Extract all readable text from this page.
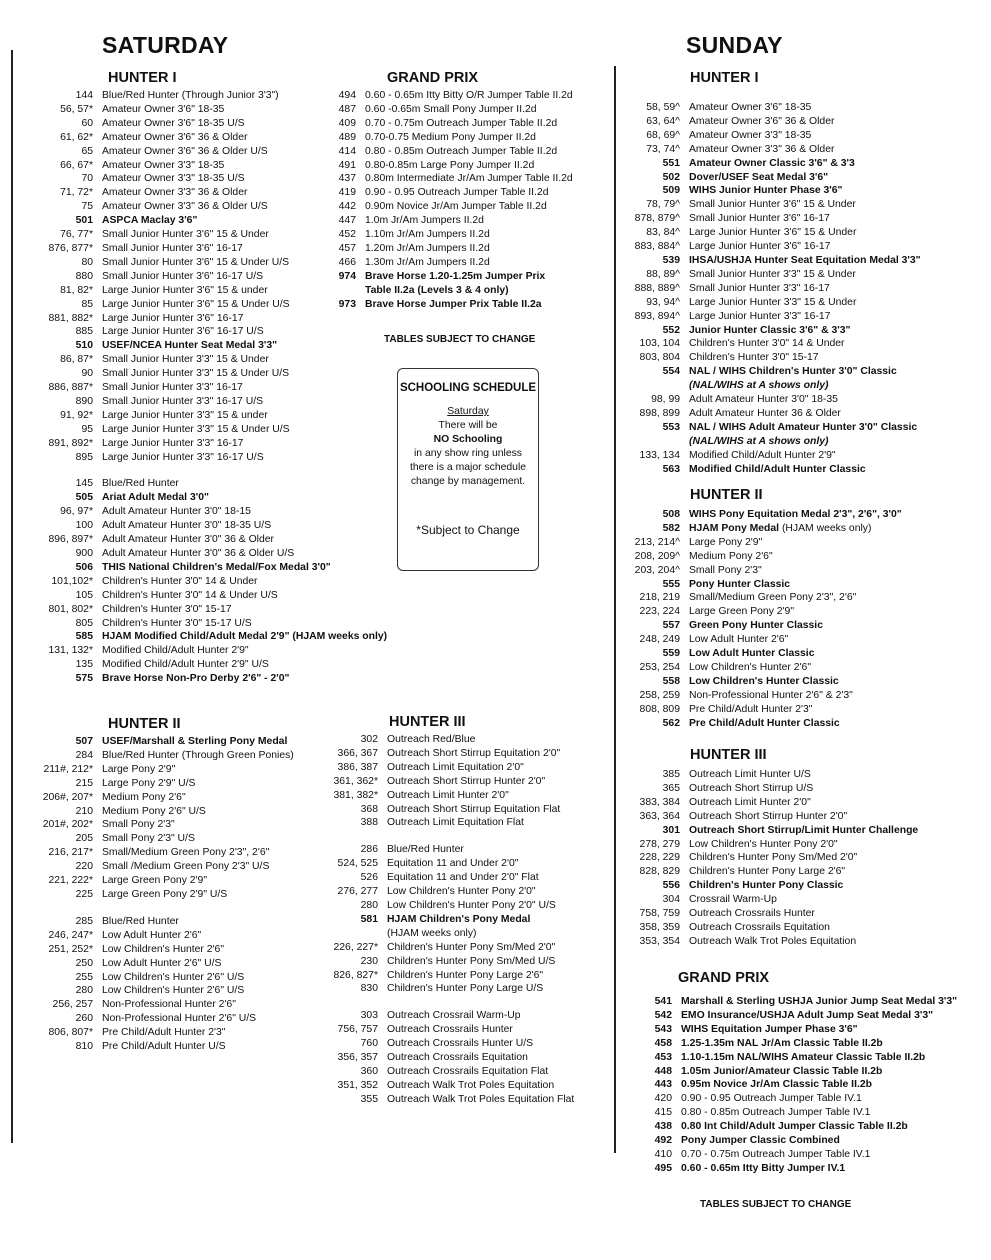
SATURDAY	SUNDAY
HUNTER I
144 Blue/Red Hunter (Through Junior 3'3")
56, 57* Amateur Owner 3'6" 18-35
60 Amateur Owner 3'6" 18-35 U/S
61, 62* Amateur Owner 3'6" 36 & Older
65 Amateur Owner 3'6" 36 & Older U/S
66, 67* Amateur Owner 3'3" 18-35
70 Amateur Owner 3'3" 18-35 U/S
71, 72* Amateur Owner 3'3" 36 & Older
75 Amateur Owner 3'3" 36 & Older U/S
501 ASPCA Maclay 3'6"
76, 77* Small Junior Hunter 3'6" 15 & Under
876, 877* Small Junior Hunter 3'6" 16-17
80 Small Junior Hunter 3'6" 15 & Under U/S
880 Small Junior Hunter 3'6" 16-17 U/S
81, 82* Large Junior Hunter 3'6" 15 & under
85 Large Junior Hunter 3'6" 15 & Under U/S
881, 882* Large Junior Hunter 3'6" 16-17
885 Large Junior Hunter 3'6" 16-17 U/S
510 USEF/NCEA Hunter Seat Medal 3'3"
86, 87* Small Junior Hunter 3'3" 15 & Under
90 Small Junior Hunter 3'3" 15 & Under U/S
886, 887* Small Junior Hunter 3'3" 16-17
890 Small Junior Hunter 3'3" 16-17 U/S
91, 92* Large Junior Hunter 3'3" 15 & under
95 Large Junior Hunter 3'3" 15 & Under U/S
891, 892* Large Junior Hunter 3'3" 16-17
895 Large Junior Hunter 3'3" 16-17 U/S
145 Blue/Red Hunter
505 Ariat Adult Medal 3'0"
96, 97* Adult Amateur Hunter 3'0" 18-15
100 Adult Amateur Hunter 3'0" 18-35 U/S
896, 897* Adult Amateur Hunter 3'0" 36 & Older
900 Adult Amateur Hunter 3'0" 36 & Older U/S
506 THIS National Children's Medal/Fox Medal 3'0"
101,102* Children's Hunter 3'0" 14 & Under
105 Children's Hunter 3'0" 14 & Under U/S
801, 802* Children's Hunter 3'0" 15-17
805 Children's Hunter 3'0" 15-17 U/S
585 HJAM Modified Child/Adult Medal 2'9" (HJAM weeks only)
131, 132* Modified Child/Adult Hunter 2'9"
135 Modified Child/Adult Hunter 2'9" U/S
575 Brave Horse Non-Pro Derby 2'6" - 2'0"
GRAND PRIX
494 0.60 - 0.65m Itty Bitty O/R Jumper Table II.2d
487 0.60 -0.65m Small Pony Jumper II.2d
409 0.70 - 0.75m Outreach Jumper Table II.2d
489 0.70-0.75 Medium Pony Jumper II.2d
414 0.80 - 0.85m Outreach Jumper Table II.2d
491 0.80-0.85m Large Pony Jumper II.2d
437 0.80m Intermediate Jr/Am Jumper Table II.2d
419 0.90 - 0.95 Outreach Jumper Table II.2d
442 0.90m Novice Jr/Am Jumper Table II.2d
447 1.0m Jr/Am Jumpers II.2d
452 1.10m Jr/Am Jumpers II.2d
457 1.20m Jr/Am Jumpers II.2d
466 1.30m Jr/Am Jumpers II.2d
974 Brave Horse 1.20-1.25m Jumper Prix
Table II.2a (Levels 3 & 4 only)
973 Brave Horse Jumper Prix Table II.2a
TABLES SUBJECT TO CHANGE
SCHOOLING SCHEDULE
Saturday
There will be
NO Schooling
in any show ring unless
there is a major schedule
change by management.
*Subject to Change
HUNTER II
507 USEF/Marshall & Sterling Pony Medal
284 Blue/Red Hunter (Through Green Ponies)
211#, 212* Large Pony 2'9"
215 Large Pony 2'9" U/S
206#, 207* Medium Pony 2'6"
210 Medium Pony 2'6" U/S
201#, 202* Small Pony 2'3"
205 Small Pony 2'3" U/S
216, 217* Small/Medium Green Pony 2'3", 2'6"
220 Small /Medium Green Pony 2'3" U/S
221, 222* Large Green Pony 2'9"
225 Large Green Pony 2'9" U/S
285 Blue/Red Hunter
246, 247* Low Adult Hunter 2'6"
251, 252* Low Children's Hunter 2'6"
250 Low Adult Hunter 2'6" U/S
255 Low Children's Hunter 2'6" U/S
280 Low Children's Hunter 2'6" U/S
256, 257 Non-Professional Hunter 2'6"
260 Non-Professional Hunter 2'6" U/S
806, 807* Pre Child/Adult Hunter 2'3"
810 Pre Child/Adult Hunter U/S
HUNTER III
302 Outreach Red/Blue
366, 367 Outreach Short Stirrup Equitation 2'0"
386, 387 Outreach Limit Equitation 2'0"
361, 362* Outreach Short Stirrup Hunter 2'0"
381, 382* Outreach Limit Hunter 2'0"
368 Outreach Short Stirrup Equitation Flat
388 Outreach Limit Equitation Flat
286 Blue/Red Hunter
524, 525 Equitation 11 and Under 2'0"
526 Equitation 11 and Under 2'0" Flat
276, 277 Low Children's Hunter Pony 2'0"
280 Low Children's Hunter Pony 2'0" U/S
581 HJAM Children's Pony Medal
(HJAM weeks only)
226, 227* Children's Hunter Pony Sm/Med 2'0"
230 Children's Hunter Pony Sm/Med U/S
826, 827* Children's Hunter Pony Large 2'6"
830 Children's Hunter Pony Large U/S
303 Outreach Crossrail Warm-Up
756, 757 Outreach Crossrails Hunter
760 Outreach Crossrails Hunter U/S
356, 357 Outreach Crossrails Equitation
360 Outreach Crossrails Equitation Flat
351, 352 Outreach Walk Trot Poles Equitation
355 Outreach Walk Trot Poles Equitation Flat
HUNTER I
58, 59^ Amateur Owner 3'6" 18-35
63, 64^ Amateur Owner 3'6" 36 & Older
68, 69^ Amateur Owner 3'3" 18-35
73, 74^ Amateur Owner 3'3" 36 & Older
551 Amateur Owner Classic 3'6" & 3'3
502 Dover/USEF Seat Medal 3'6"
509 WIHS Junior Hunter Phase 3'6"
78, 79^ Small Junior Hunter 3'6" 15 & Under
878, 879^ Small Junior Hunter 3'6" 16-17
83, 84^ Large Junior Hunter 3'6" 15 & Under
883, 884^ Large Junior Hunter 3'6" 16-17
539 IHSA/USHJA Hunter Seat Equitation Medal 3'3"
88, 89^ Small Junior Hunter 3'3" 15 & Under
888, 889^ Small Junior Hunter 3'3" 16-17
93, 94^ Large Junior Hunter 3'3" 15 & Under
893, 894^ Large Junior Hunter 3'3" 16-17
552 Junior Hunter Classic 3'6" & 3'3"
103, 104 Children's Hunter 3'0" 14 & Under
803, 804 Children's Hunter 3'0" 15-17
554 NAL / WIHS Children's Hunter 3'0" Classic
(NAL/WIHS at A shows only)
98, 99 Adult Amateur Hunter 3'0" 18-35
898, 899 Adult Amateur Hunter 36 & Older
553 NAL / WIHS Adult Amateur Hunter 3'0" Classic
(NAL/WIHS at A shows only)
133, 134 Modified Child/Adult Hunter 2'9"
563 Modified Child/Adult Hunter Classic
HUNTER II
508 WIHS Pony Equitation Medal 2'3", 2'6", 3'0"
582 HJAM Pony Medal (HJAM weeks only)
213, 214^ Large Pony 2'9"
208, 209^ Medium Pony 2'6"
203, 204^ Small Pony 2'3"
555 Pony Hunter Classic
218, 219 Small/Medium Green Pony 2'3", 2'6"
223, 224 Large Green Pony 2'9"
557 Green Pony Hunter Classic
248, 249 Low Adult Hunter 2'6"
559 Low Adult Hunter Classic
253, 254 Low Children's Hunter 2'6"
558 Low Children's Hunter Classic
258, 259 Non-Professional Hunter 2'6" & 2'3"
808, 809 Pre Child/Adult Hunter 2'3"
562 Pre Child/Adult Hunter Classic
HUNTER III
385 Outreach Limit Hunter U/S
365 Outreach Short Stirrup U/S
383, 384 Outreach Limit Hunter 2'0"
363, 364 Outreach Short Stirrup Hunter 2'0"
301 Outreach Short Stirrup/Limit Hunter Challenge
278, 279 Low Children's Hunter Pony 2'0"
228, 229 Children's Hunter Pony Sm/Med 2'0"
828, 829 Children's Hunter Pony Large 2'6"
556 Children's Hunter Pony Classic
304 Crossrail Warm-Up
758, 759 Outreach Crossrails Hunter
358, 359 Outreach Crossrails Equitation
353, 354 Outreach Walk Trot Poles Equitation
GRAND PRIX
541 Marshall & Sterling USHJA Junior Jump Seat Medal 3'3"
542 EMO Insurance/USHJA Adult Jump Seat Medal 3'3"
543 WIHS Equitation Jumper Phase 3'6"
458 1.25-1.35m NAL Jr/Am Classic Table II.2b
453 1.10-1.15m NAL/WIHS Amateur Classic Table II.2b
448 1.05m Junior/Amateur Classic Table II.2b
443 0.95m Novice Jr/Am Classic Table II.2b
420 0.90 - 0.95 Outreach Jumper Table IV.1
415 0.80 - 0.85m Outreach Jumper Table IV.1
438 0.80 Int Child/Adult Jumper Classic Table II.2b
492 Pony Jumper Classic Combined
410 0.70 - 0.75m Outreach Jumper Table IV.1
495 0.60 - 0.65m Itty Bitty Jumper IV.1
TABLES SUBJECT TO CHANGE
